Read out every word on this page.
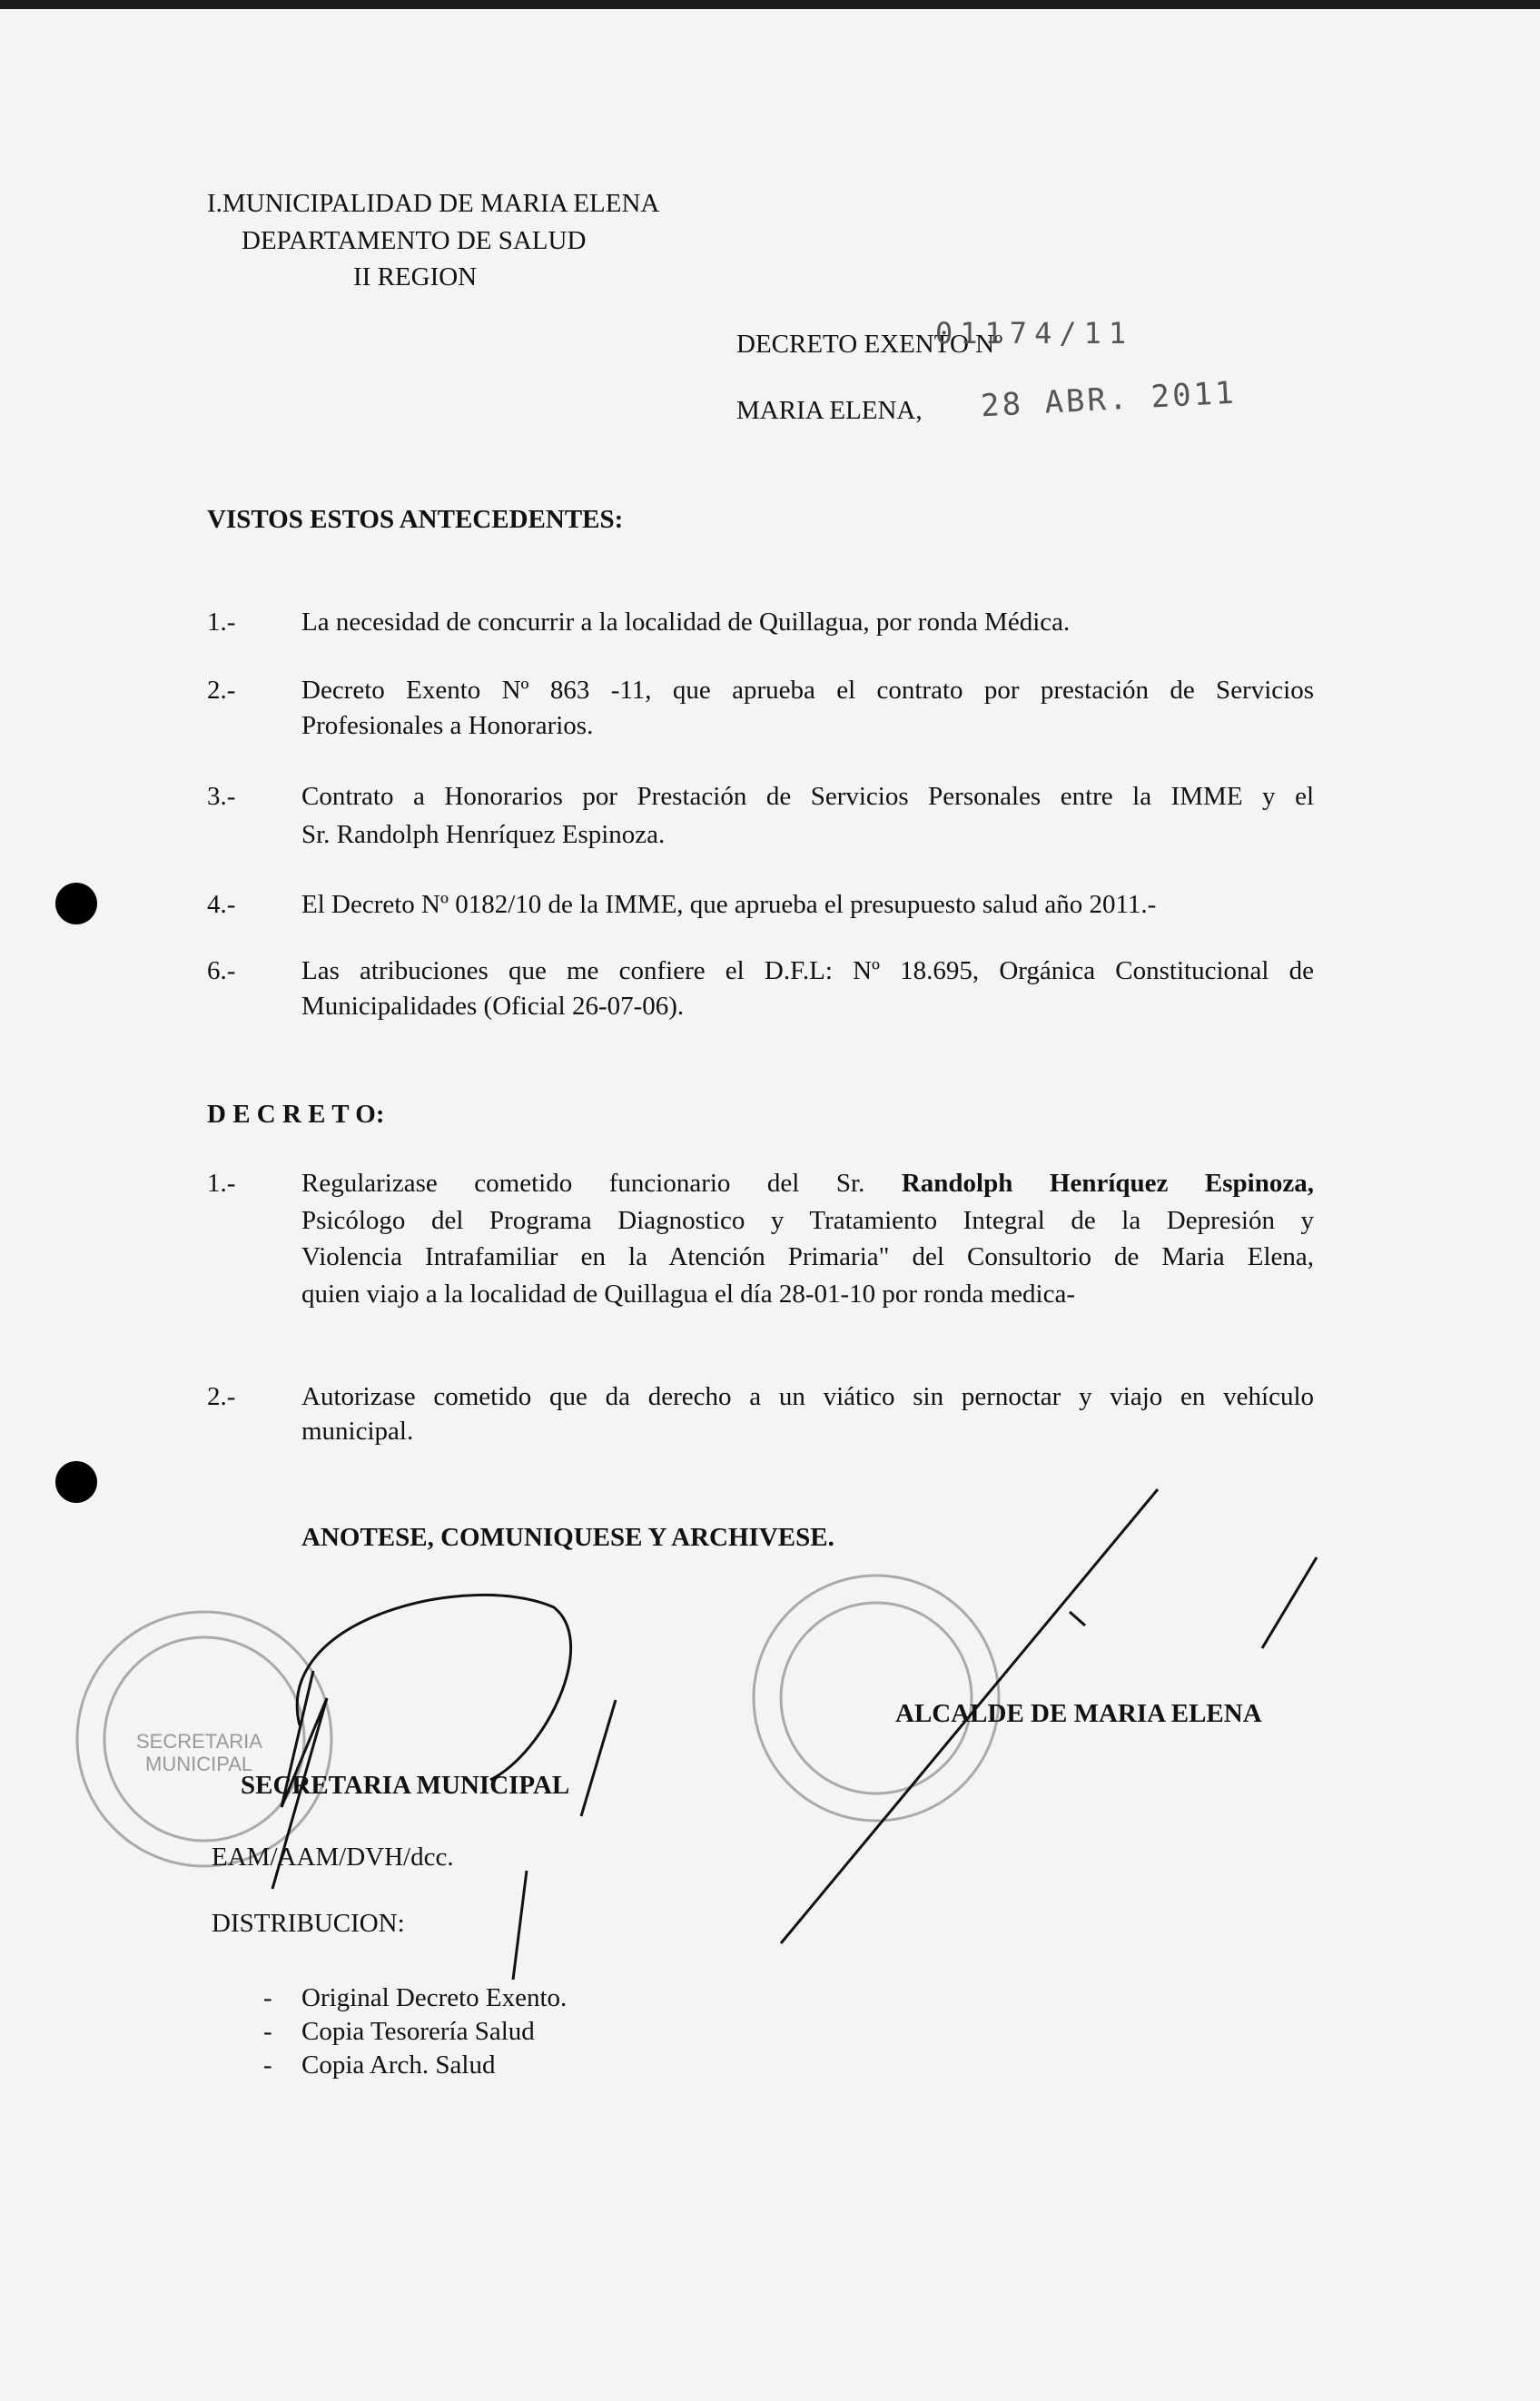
SECRETARIA
MUNICIPAL
I.MUNICIPALIDAD DE MARIA ELENA
DEPARTAMENTO DE SALUD
II REGION
DECRETO EXENTO Nº
01174/11
MARIA ELENA, 28 ABR. 2011
VISTOS ESTOS ANTECEDENTES:
1.-	La necesidad de concurrir a la localidad de Quillagua, por ronda Médica.
2.-	Decreto Exento Nº 863 -11, que aprueba el contrato por prestación de Servicios
Profesionales a Honorarios.
3.-	Contrato a Honorarios por Prestación de Servicios Personales entre la IMME y el
Sr. Randolph Henríquez Espinoza.
4.-	El Decreto Nº 0182/10 de la IMME, que aprueba el presupuesto salud año 2011.-
6.-	Las atribuciones que me confiere el D.F.L: Nº 18.695, Orgánica Constitucional de
Municipalidades (Oficial 26-07-06).
D E C R E T O:
1.-	Regularizase cometido funcionario del Sr. Randolph Henríquez Espinoza,
Psicólogo del Programa Diagnostico y Tratamiento Integral de la Depresión y
Violencia Intrafamiliar en la Atención Primaria" del Consultorio de Maria Elena,
quien viajo a la localidad de Quillagua el día 28-01-10 por ronda medica-
2.-	Autorizase cometido que da derecho a un viático sin pernoctar y viajo en vehículo
municipal.
ANOTESE, COMUNIQUESE Y ARCHIVESE.
ALCALDE DE MARIA ELENA
SECRETARIA MUNICIPAL
EAM/AAM/DVH/dcc.
DISTRIBUCION:
- Original Decreto Exento.
- Copia Tesorería Salud
- Copia Arch. Salud
